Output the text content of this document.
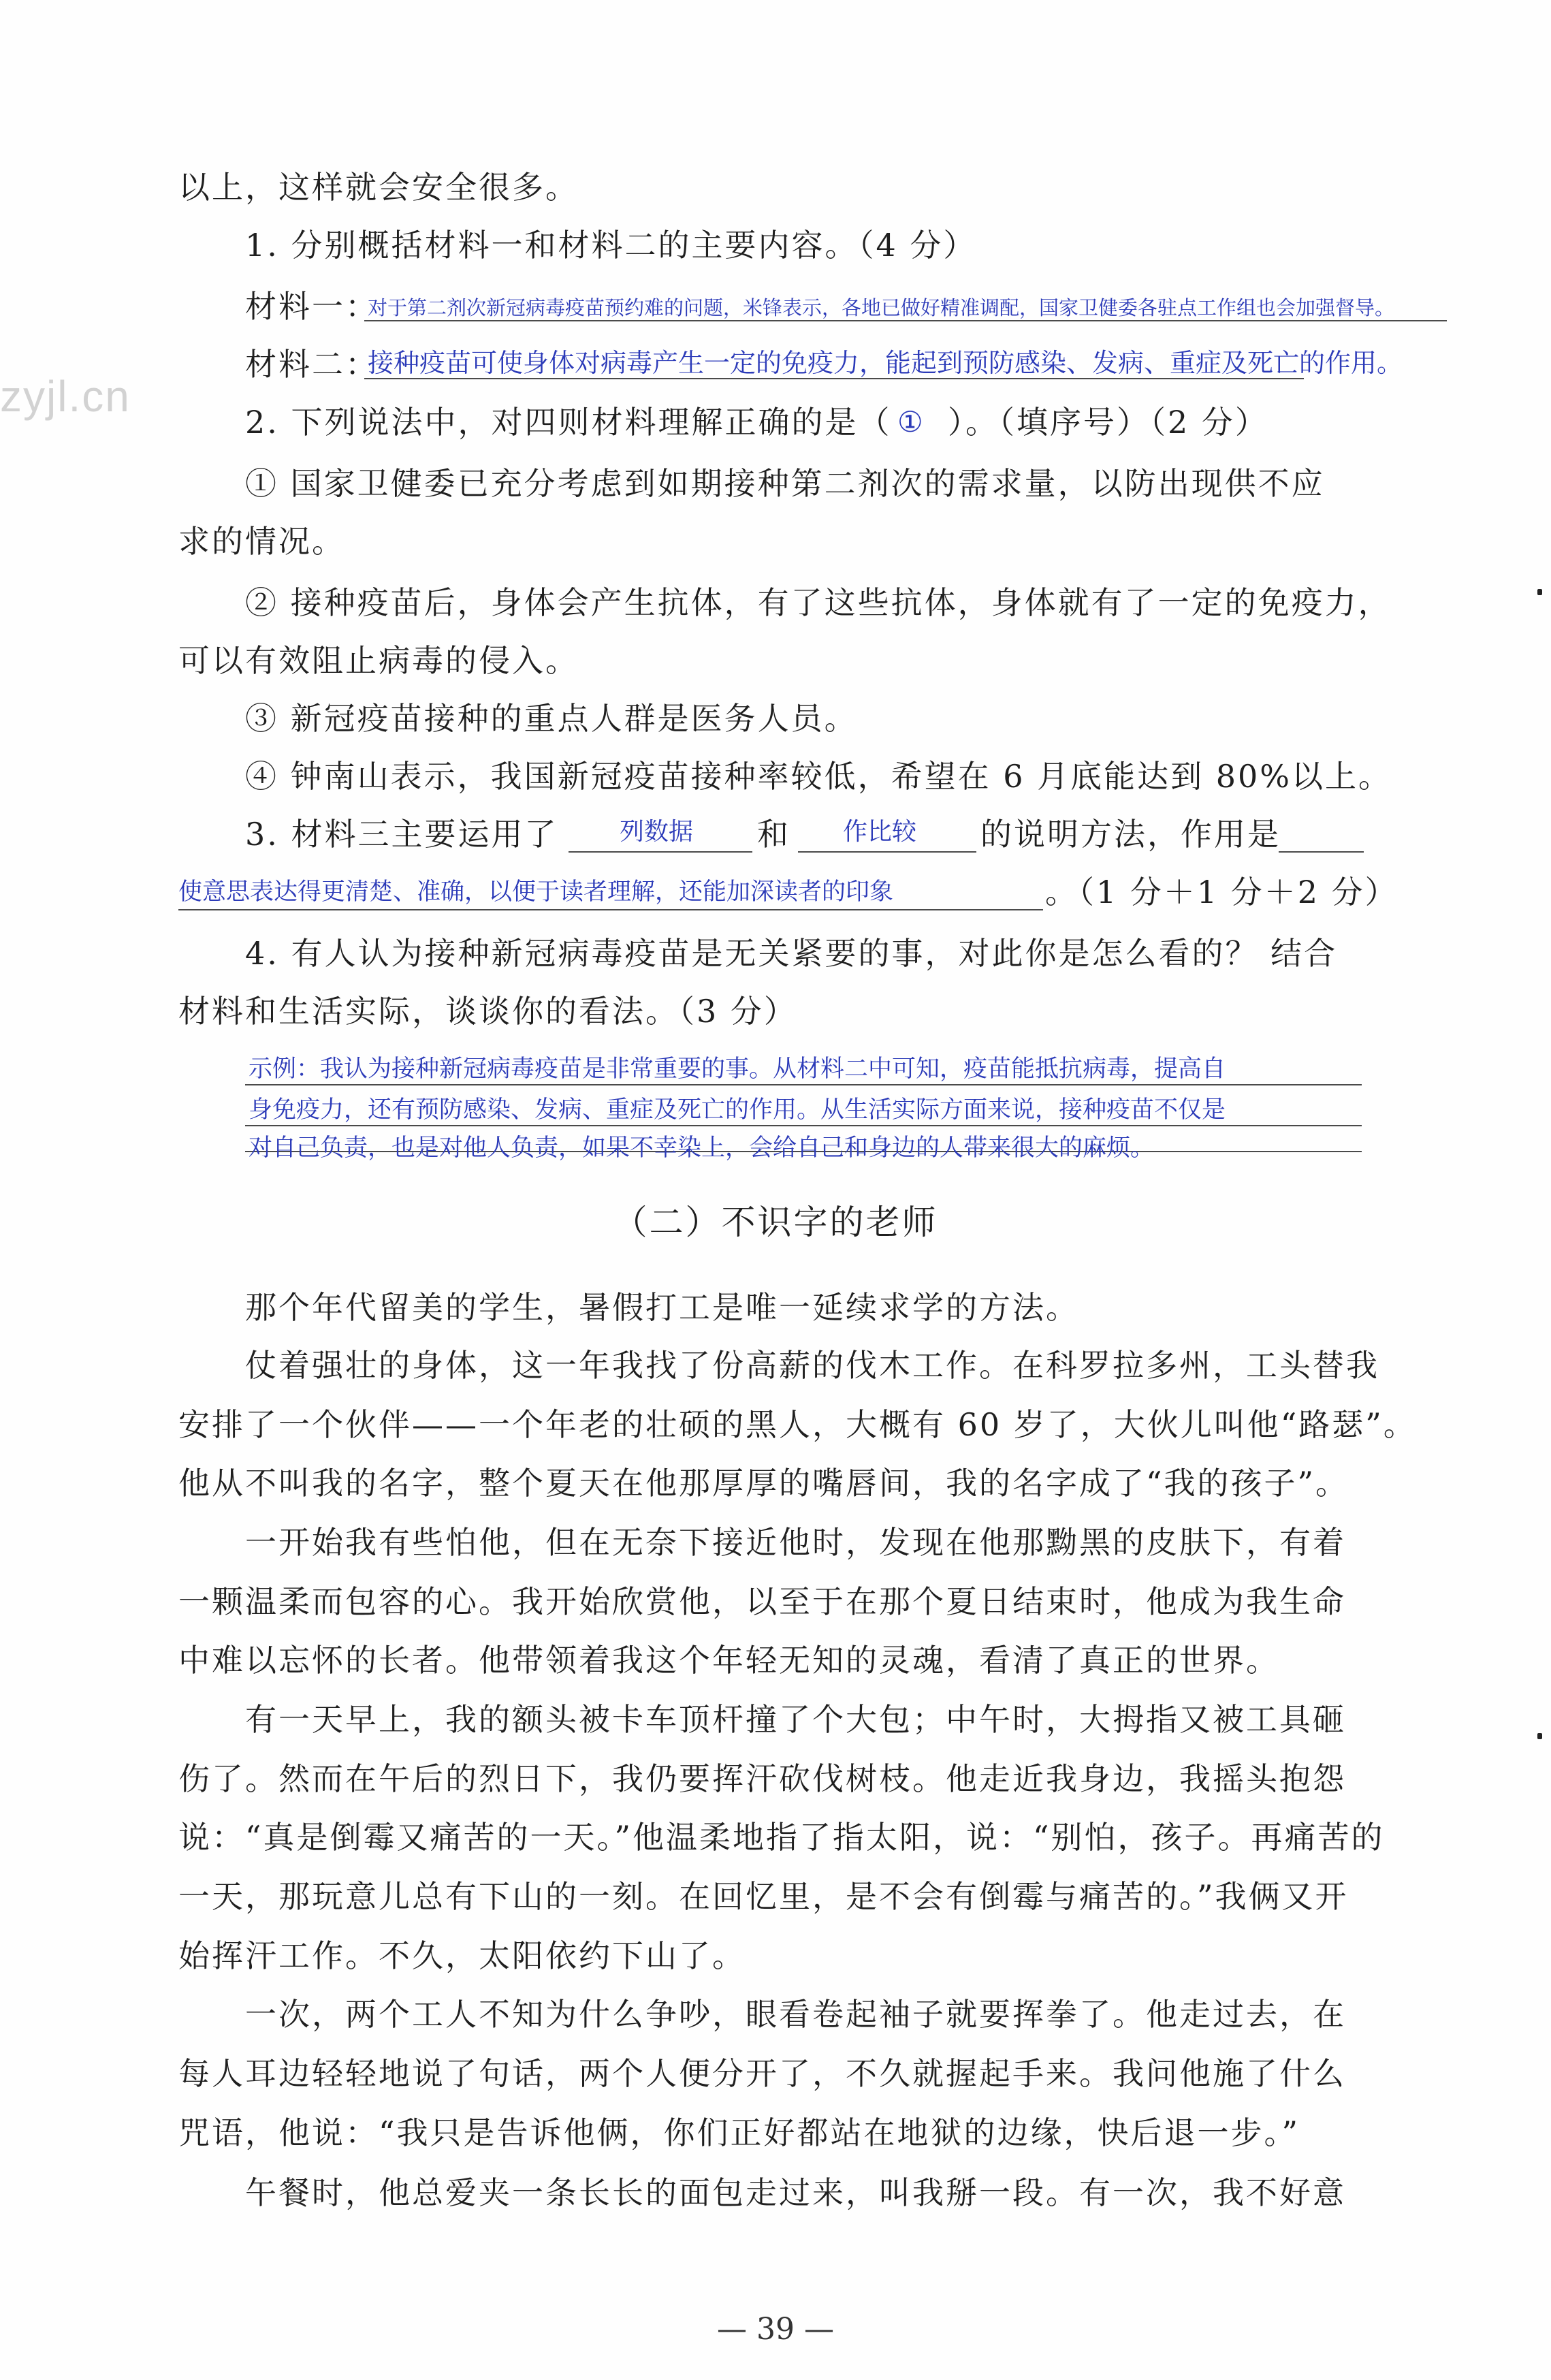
zyjl.cn
以上，这样就会安全很多。
1. 分别概括材料一和材料二的主要内容。（4 分）
材料一：
对于第二剂次新冠病毒疫苗预约难的问题，米锋表示，各地已做好精准调配，国家卫健委各驻点工作组也会加强督导。
材料二：
接种疫苗可使身体对病毒产生一定的免疫力，能起到预防感染、发病、重症及死亡的作用。
2. 下列说法中，对四则材料理解正确的是（ ① ）。（填序号）（2 分）
① 国家卫健委已充分考虑到如期接种第二剂次的需求量，以防出现供不应
求的情况。
② 接种疫苗后，身体会产生抗体，有了这些抗体，身体就有了一定的免疫力，
可以有效阻止病毒的侵入。
③ 新冠疫苗接种的重点人群是医务人员。
④ 钟南山表示，我国新冠疫苗接种率较低，希望在 6 月底能达到 80%以上。
3. 材料三主要运用了	列数据 和 作比较 的说明方法，作用是
使意思表达得更清楚、准确，以便于读者理解，还能加深读者的印象	。（1 分＋1 分＋2 分）
4. 有人认为接种新冠病毒疫苗是无关紧要的事，对此你是怎么看的？ 结合
材料和生活实际，谈谈你的看法。（3 分）
示例：我认为接种新冠病毒疫苗是非常重要的事。从材料二中可知，疫苗能抵抗病毒，提高自
身免疫力，还有预防感染、发病、重症及死亡的作用。从生活实际方面来说，接种疫苗不仅是
对自己负责，也是对他人负责，如果不幸染上，会给自己和身边的人带来很大的麻烦。
（二）不识字的老师
那个年代留美的学生，暑假打工是唯一延续求学的方法。
仗着强壮的身体，这一年我找了份高薪的伐木工作。在科罗拉多州，工头替我
安排了一个伙伴——一个年老的壮硕的黑人，大概有 60 岁了，大伙儿叫他“路瑟”。
他从不叫我的名字，整个夏天在他那厚厚的嘴唇间，我的名字成了“我的孩子”。
一开始我有些怕他，但在无奈下接近他时，发现在他那黝黑的皮肤下，有着
一颗温柔而包容的心。我开始欣赏他，以至于在那个夏日结束时，他成为我生命
中难以忘怀的长者。他带领着我这个年轻无知的灵魂，看清了真正的世界。
有一天早上，我的额头被卡车顶杆撞了个大包；中午时，大拇指又被工具砸
伤了。然而在午后的烈日下，我仍要挥汗砍伐树枝。他走近我身边，我摇头抱怨
说：“真是倒霉又痛苦的一天。”他温柔地指了指太阳，说：“别怕，孩子。再痛苦的
一天，那玩意儿总有下山的一刻。在回忆里，是不会有倒霉与痛苦的。”我俩又开
始挥汗工作。不久，太阳依约下山了。
一次，两个工人不知为什么争吵，眼看卷起袖子就要挥拳了。他走过去，在
每人耳边轻轻地说了句话，两个人便分开了，不久就握起手来。我问他施了什么
咒语，他说：“我只是告诉他俩，你们正好都站在地狱的边缘，快后退一步。”
午餐时，他总爱夹一条长长的面包走过来，叫我掰一段。有一次，我不好意
— 39 —
